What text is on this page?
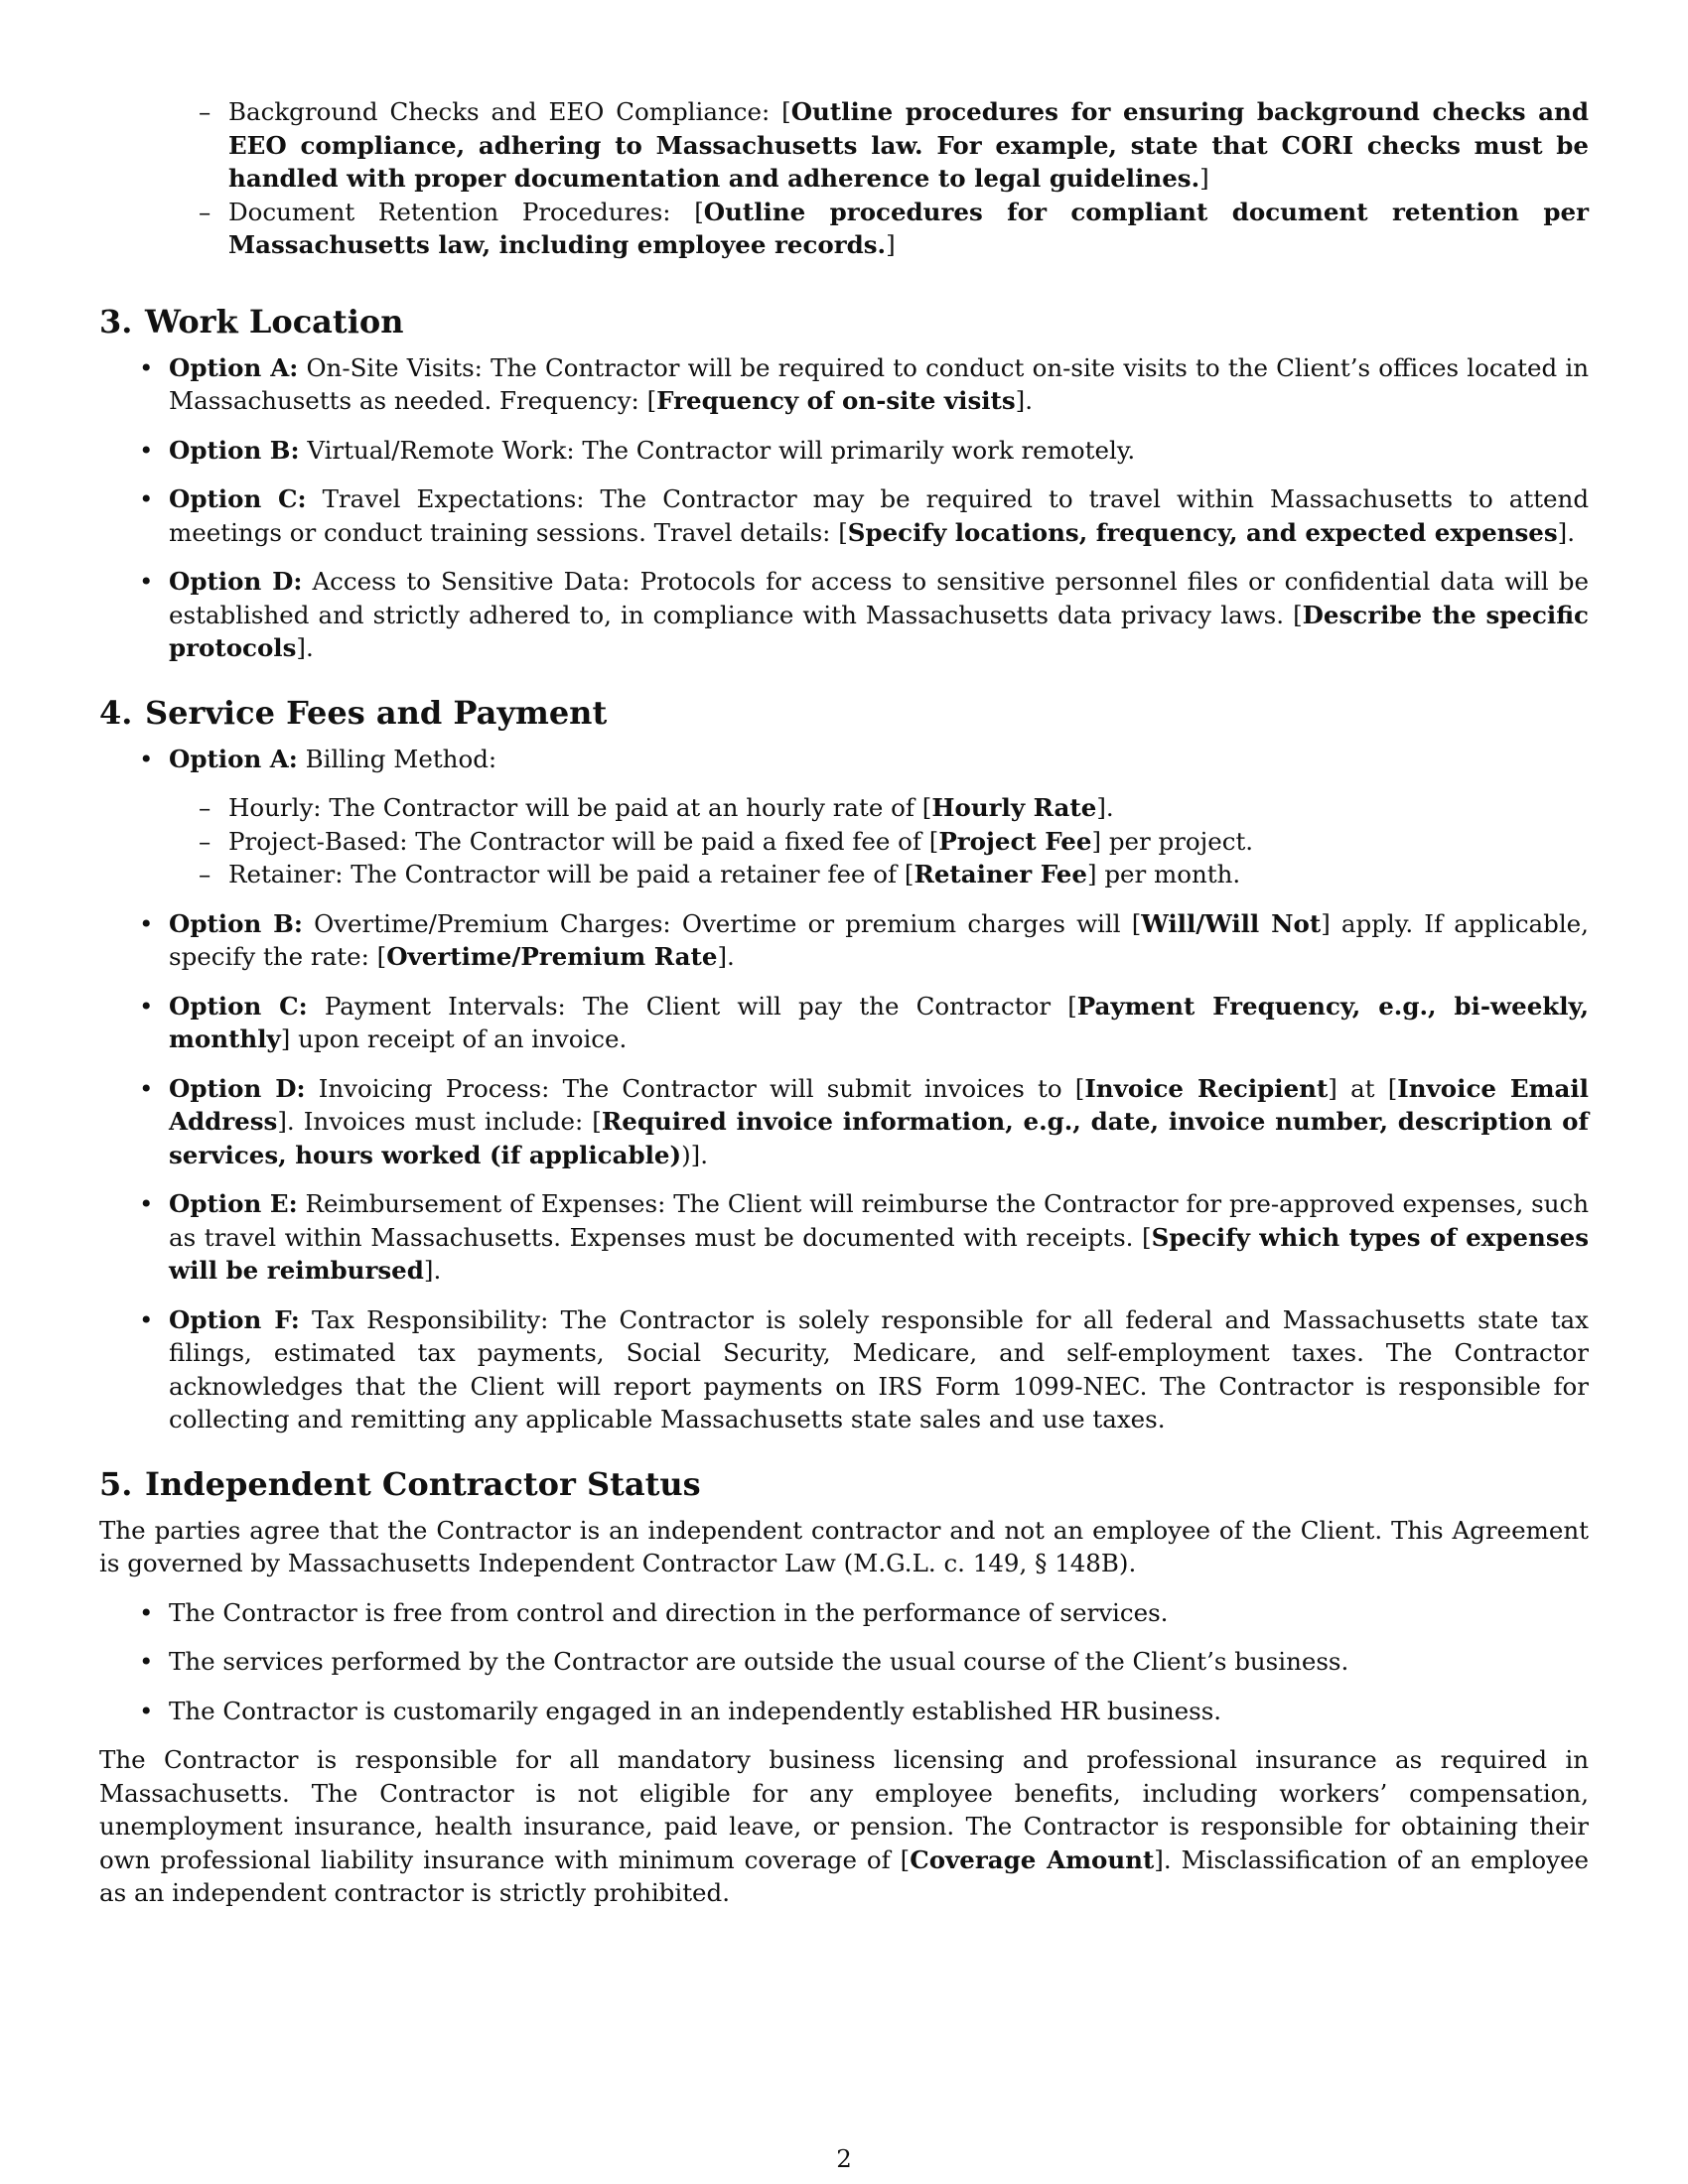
– Background Checks and EEO Compliance: [Outline procedures for ensuring background checks and EEO compliance, adhering to Massachusetts law. For example, state that CORI checks must be handled with proper documentation and adherence to legal guidelines.]
– Document Retention Procedures: [Outline procedures for compliant document retention per Massachusetts law, including employee records.]
3. Work Location
• Option A: On-Site Visits: The Contractor will be required to conduct on-site visits to the Client’s offices located in Massachusetts as needed. Frequency: [Frequency of on-site visits].
• Option B: Virtual/Remote Work: The Contractor will primarily work remotely.
• Option C: Travel Expectations: The Contractor may be required to travel within Massachusetts to attend meetings or conduct training sessions. Travel details: [Specify locations, frequency, and expected expenses].
• Option D: Access to Sensitive Data: Protocols for access to sensitive personnel files or confidential data will be established and strictly adhered to, in compliance with Massachusetts data privacy laws. [Describe the specific protocols].
4. Service Fees and Payment
• Option A: Billing Method:
– Hourly: The Contractor will be paid at an hourly rate of [Hourly Rate].
– Project-Based: The Contractor will be paid a fixed fee of [Project Fee] per project.
– Retainer: The Contractor will be paid a retainer fee of [Retainer Fee] per month.
• Option B: Overtime/Premium Charges: Overtime or premium charges will [Will/Will Not] apply. If applicable, specify the rate: [Overtime/Premium Rate].
• Option C: Payment Intervals: The Client will pay the Contractor [Payment Frequency, e.g., bi-weekly, monthly] upon receipt of an invoice.
• Option D: Invoicing Process: The Contractor will submit invoices to [Invoice Recipient] at [Invoice Email Address]. Invoices must include: [Required invoice information, e.g., date, invoice number, description of services, hours worked (if applicable))].
• Option E: Reimbursement of Expenses: The Client will reimburse the Contractor for pre-approved expenses, such as travel within Massachusetts. Expenses must be documented with receipts. [Specify which types of expenses will be reimbursed].
• Option F: Tax Responsibility: The Contractor is solely responsible for all federal and Massachusetts state tax filings, estimated tax payments, Social Security, Medicare, and self-employment taxes. The Contractor acknowledges that the Client will report payments on IRS Form 1099-NEC. The Contractor is responsible for collecting and remitting any applicable Massachusetts state sales and use taxes.
5. Independent Contractor Status

The parties agree that the Contractor is an independent contractor and not an employee of the Client. This Agreement is governed by Massachusetts Independent Contractor Law (M.G.L. c. 149, § 148B).

• The Contractor is free from control and direction in the performance of services.
• The services performed by the Contractor are outside the usual course of the Client’s business.
• The Contractor is customarily engaged in an independently established HR business.

The Contractor is responsible for all mandatory business licensing and professional insurance as required in Massachusetts. The Contractor is not eligible for any employee benefits, including workers’ compensation, unemployment insurance, health insurance, paid leave, or pension. The Contractor is responsible for obtaining their own professional liability insurance with minimum coverage of [Coverage Amount]. Misclassification of an employee as an independent contractor is strictly prohibited.

2
